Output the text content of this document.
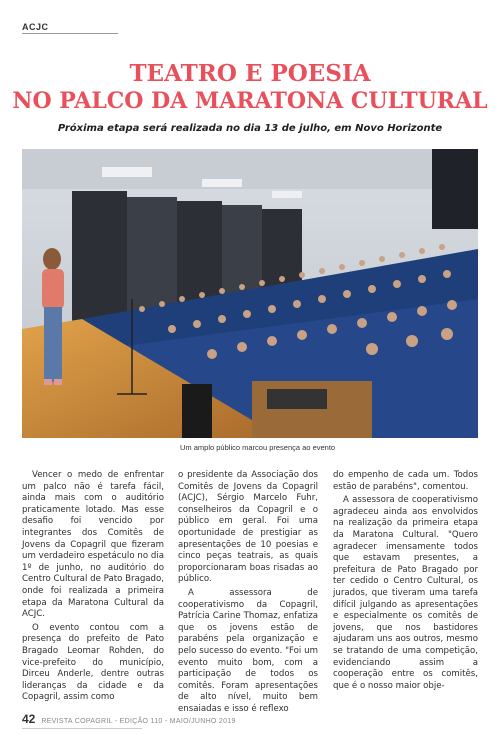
ACJC
TEATRO E POESIA
NO PALCO DA MARATONA CULTURAL
Próxima etapa será realizada no dia 13 de julho, em Novo Horizonte
Um amplo público marcou presença ao evento

Vencer o medo de enfrentar um palco não é tarefa fácil, ainda mais com o auditório praticamente lotado. Mas esse desafio foi vencido por integrantes dos Comitês de Jovens da Copagril que fizeram um verdadeiro espetáculo no dia 1º de junho, no auditório do Centro Cultural de Pato Bragado, onde foi realizada a primeira etapa da Maratona Cultural da ACJC.

O evento contou com a presença do prefeito de Pato Bragado Leomar Rohden, do vice-prefeito do município, Dirceu Anderle, dentre outras lideranças da cidade e da Copagril, assim como

o presidente da Associação dos Comitês de Jovens da Copagril (ACJC), Sérgio Marcelo Fuhr, conselheiros da Copagril e o público em geral. Foi uma oportunidade de prestigiar as apresentações de 10 poesias e cinco peças teatrais, as quais proporcionaram boas risadas ao público.

A assessora de cooperativismo da Copagril, Patrícia Carine Thomaz, enfatiza que os jovens estão de parabéns pela organização e pelo sucesso do evento. "Foi um evento muito bom, com a participação de todos os comitês. Foram apresentações de alto nível, muito bem ensaiadas e isso é reflexo

do empenho de cada um. Todos estão de parabéns", comentou.

A assessora de cooperativismo agradeceu ainda aos envolvidos na realização da primeira etapa da Maratona Cultural. "Quero agradecer imensamente todos que estavam presentes, a prefeitura de Pato Bragado por ter cedido o Centro Cultural, os jurados, que tiveram uma tarefa difícil julgando as apresentações e especialmente os comitês de jovens, que nos bastidores ajudaram uns aos outros, mesmo se tratando de uma competição, evidenciando assim a cooperação entre os comitês, que é o nosso maior obje-

42 REVISTA COPAGRIL - EDIÇÃO 110 - MAIO/JUNHO 2019
